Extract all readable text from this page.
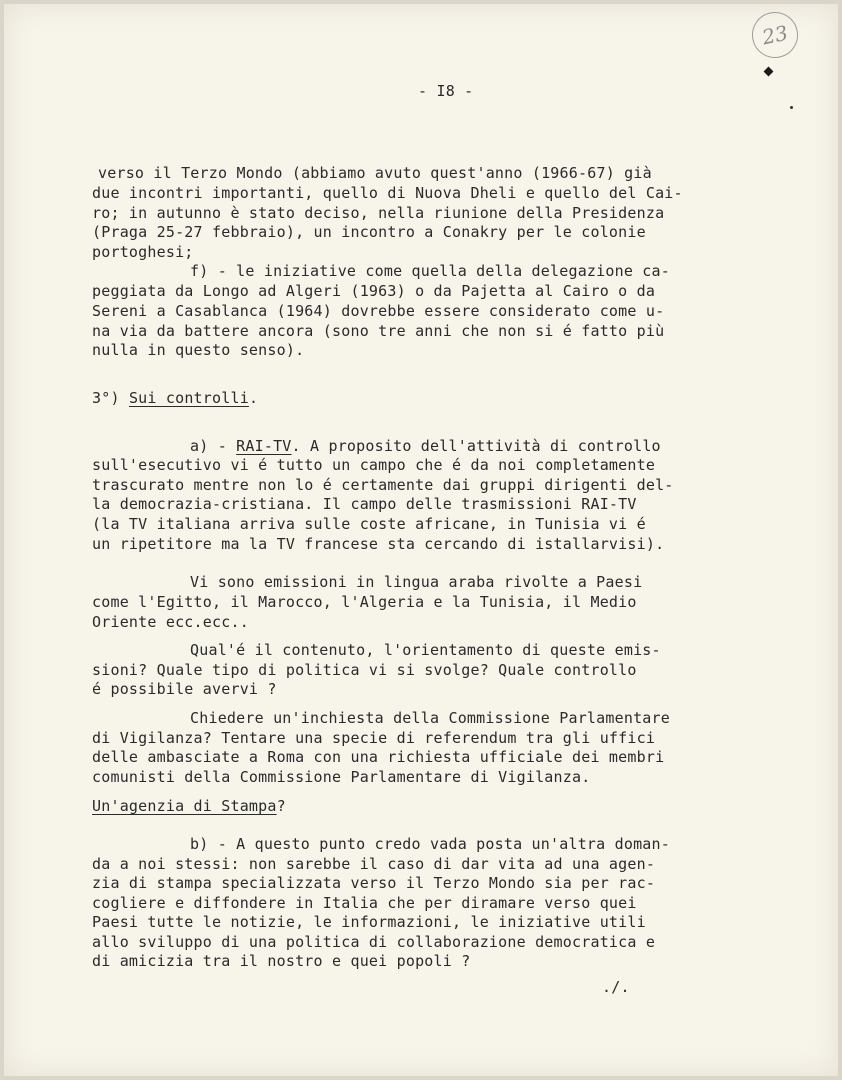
23
- I8 -
verso il Terzo Mondo (abbiamo avuto quest'anno (1966-67) già
due incontri importanti, quello di Nuova Dheli e quello del Cai-
ro; in autunno è stato deciso, nella riunione della Presidenza
(Praga 25-27 febbraio), un incontro a Conakry per le colonie
portoghesi;
f) - le iniziative come quella della delegazione ca-
peggiata da Longo ad Algeri (1963) o da Pajetta al Cairo o da
Sereni a Casablanca (1964) dovrebbe essere considerato come u-
na via da battere ancora (sono tre anni che non si é fatto più
nulla in questo senso).
3°) Sui controlli.
a) - RAI-TV. A proposito dell'attività di controllo
sull'esecutivo vi é tutto un campo che é da noi completamente
trascurato mentre non lo é certamente dai gruppi dirigenti del-
la democrazia-cristiana. Il campo delle trasmissioni RAI-TV
(la TV italiana arriva sulle coste africane, in Tunisia vi é
un ripetitore ma la TV francese sta cercando di istallarvisi).
Vi sono emissioni in lingua araba rivolte a Paesi
come l'Egitto, il Marocco, l'Algeria e la Tunisia, il Medio
Oriente ecc.ecc..
Qual'é il contenuto, l'orientamento di queste emis-
sioni? Quale tipo di politica vi si svolge? Quale controllo
é possibile avervi ?
Chiedere un'inchiesta della Commissione Parlamentare
di Vigilanza? Tentare una specie di referendum tra gli uffici
delle ambasciate a Roma con una richiesta ufficiale dei membri
comunisti della Commissione Parlamentare di Vigilanza.
Un'agenzia di Stampa?
b) - A questo punto credo vada posta un'altra doman-
da a noi stessi: non sarebbe il caso di dar vita ad una agen-
zia di stampa specializzata verso il Terzo Mondo sia per rac-
cogliere e diffondere in Italia che per diramare verso quei
Paesi tutte le notizie, le informazioni, le iniziative utili
allo sviluppo di una politica di collaborazione democratica e
di amicizia tra il nostro e quei popoli ?
./.
